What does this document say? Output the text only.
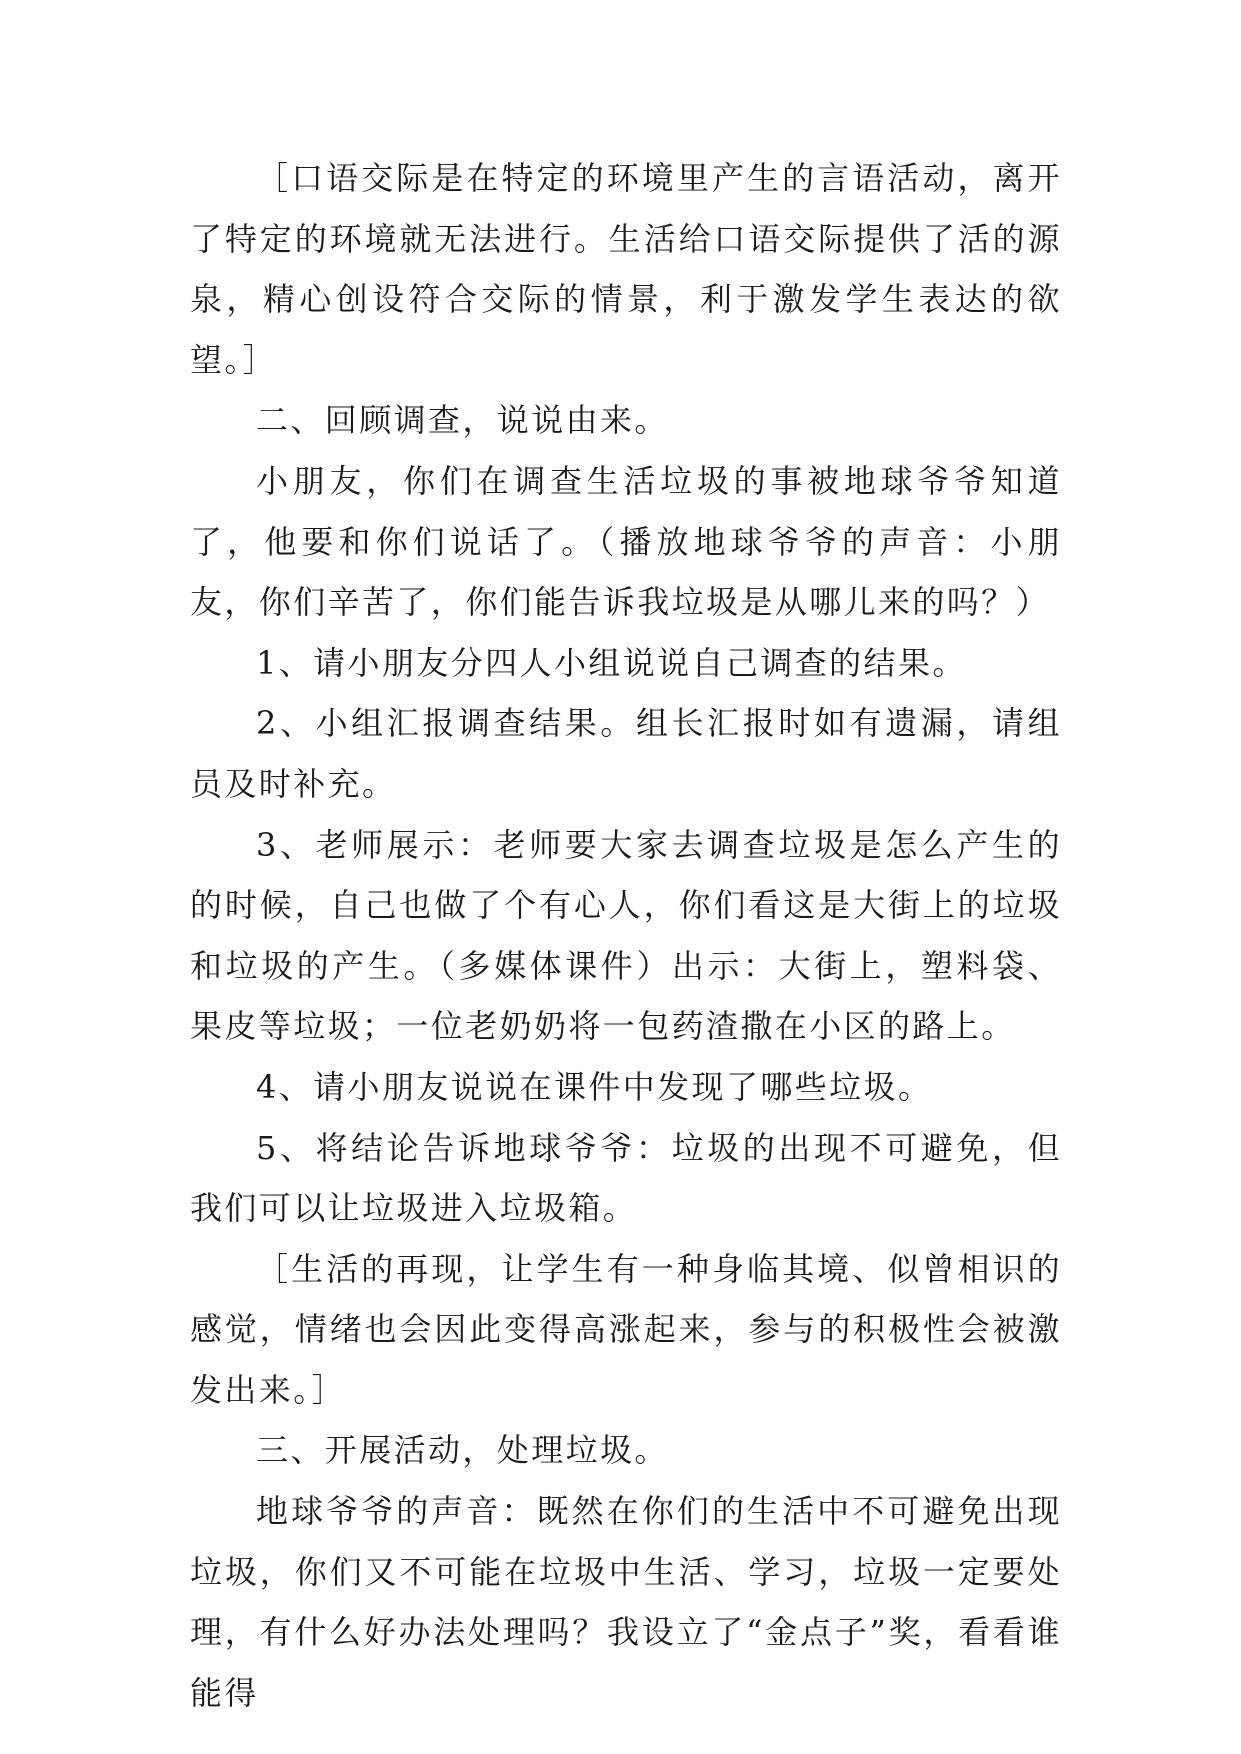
［口语交际是在特定的环境里产生的言语活动，离开了特定的环境就无法进行。生活给口语交际提供了活的源泉，精心创设符合交际的情景，利于激发学生表达的欲望。］

二、回顾调查，说说由来。

小朋友，你们在调查生活垃圾的事被地球爷爷知道了，他要和你们说话了。（播放地球爷爷的声音：小朋友，你们辛苦了，你们能告诉我垃圾是从哪儿来的吗？）

1、请小朋友分四人小组说说自己调查的结果。

2、小组汇报调查结果。组长汇报时如有遗漏，请组员及时补充。

3、老师展示：老师要大家去调查垃圾是怎么产生的的时候，自己也做了个有心人，你们看这是大街上的垃圾和垃圾的产生。（多媒体课件）出示：大街上，塑料袋、果皮等垃圾；一位老奶奶将一包药渣撒在小区的路上。

4、请小朋友说说在课件中发现了哪些垃圾。

5、将结论告诉地球爷爷：垃圾的出现不可避免，但我们可以让垃圾进入垃圾箱。

［生活的再现，让学生有一种身临其境、似曾相识的感觉，情绪也会因此变得高涨起来，参与的积极性会被激发出来。］

三、开展活动，处理垃圾。

地球爷爷的声音：既然在你们的生活中不可避免出现垃圾，你们又不可能在垃圾中生活、学习，垃圾一定要处理，有什么好办法处理吗？我设立了“金点子”奖，看看谁能得
